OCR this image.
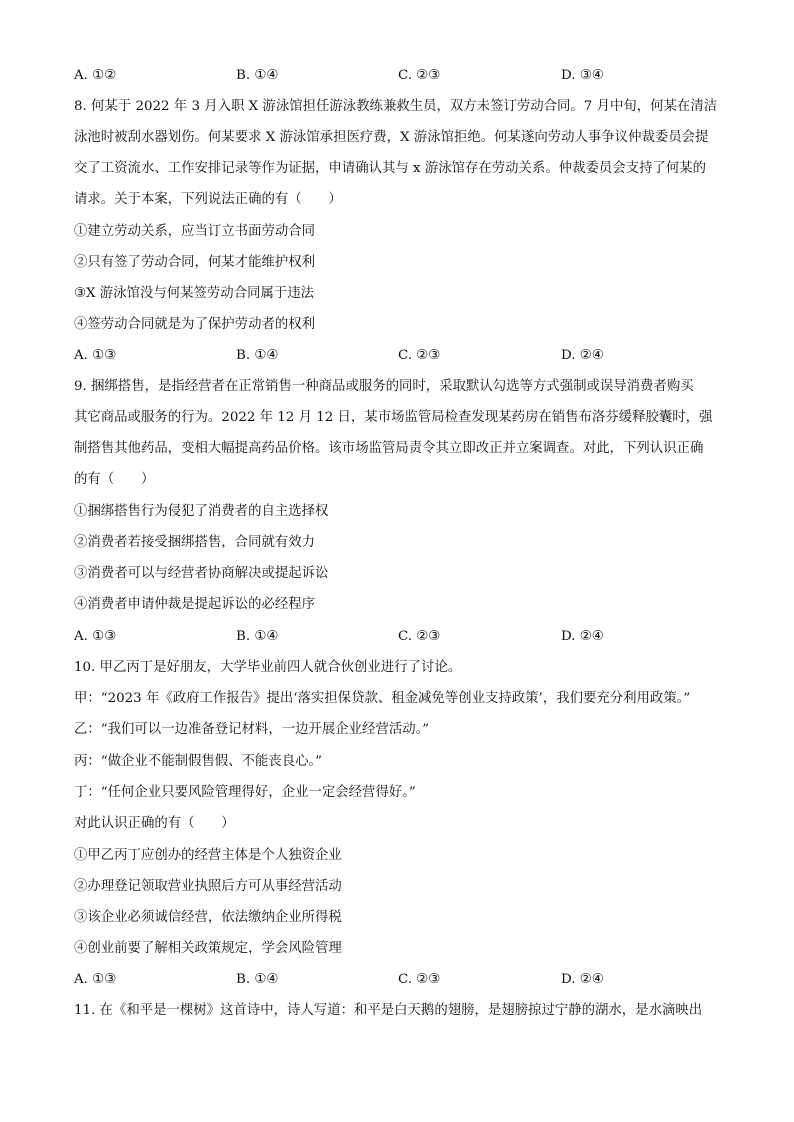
A. ①②	B. ①④	C. ②③	D. ③④
8. 何某于 2022 年 3 月入职 X 游泳馆担任游泳教练兼救生员，双方未签订劳动合同。7 月中旬，何某在清洁
泳池时被刮水器划伤。何某要求 X 游泳馆承担医疗费，X 游泳馆拒绝。何某遂向劳动人事争议仲裁委员会提
交了工资流水、工作安排记录等作为证据，申请确认其与 x 游泳馆存在劳动关系。仲裁委员会支持了何某的
请求。关于本案，下列说法正确的有（　　）
①建立劳动关系，应当订立书面劳动合同
②只有签了劳动合同，何某才能维护权利
③X 游泳馆没与何某签劳动合同属于违法
④签劳动合同就是为了保护劳动者的权利
A. ①③	B. ①④	C. ②③	D. ②④
9. 捆绑搭售，是指经营者在正常销售一种商品或服务的同时，采取默认勾选等方式强制或误导消费者购买
其它商品或服务的行为。2022 年 12 月 12 日，某市场监管局检查发现某药房在销售布洛芬缓释胶囊时，强
制搭售其他药品，变相大幅提高药品价格。该市场监管局责令其立即改正并立案调查。对此，下列认识正确
的有（　　）
①捆绑搭售行为侵犯了消费者的自主选择权
②消费者若接受捆绑搭售，合同就有效力
③消费者可以与经营者协商解决或提起诉讼
④消费者申请仲裁是提起诉讼的必经程序
A. ①③	B. ①④	C. ②③	D. ②④
10. 甲乙丙丁是好朋友，大学毕业前四人就合伙创业进行了讨论。
甲：“2023 年《政府工作报告》提出‘落实担保贷款、租金减免等创业支持政策’，我们要充分利用政策。”
乙：“我们可以一边准备登记材料，一边开展企业经营活动。”
丙：“做企业不能制假售假、不能丧良心。”
丁：“任何企业只要风险管理得好，企业一定会经营得好。”
对此认识正确的有（　　）
①甲乙丙丁应创办的经营主体是个人独资企业
②办理登记领取营业执照后方可从事经营活动
③该企业必须诚信经营，依法缴纳企业所得税
④创业前要了解相关政策规定，学会风险管理
A. ①③	B. ①④	C. ②③	D. ②④
11. 在《和平是一棵树》这首诗中，诗人写道：和平是白天鹅的翅膀，是翅膀掠过宁静的湖水，是水滴映出
